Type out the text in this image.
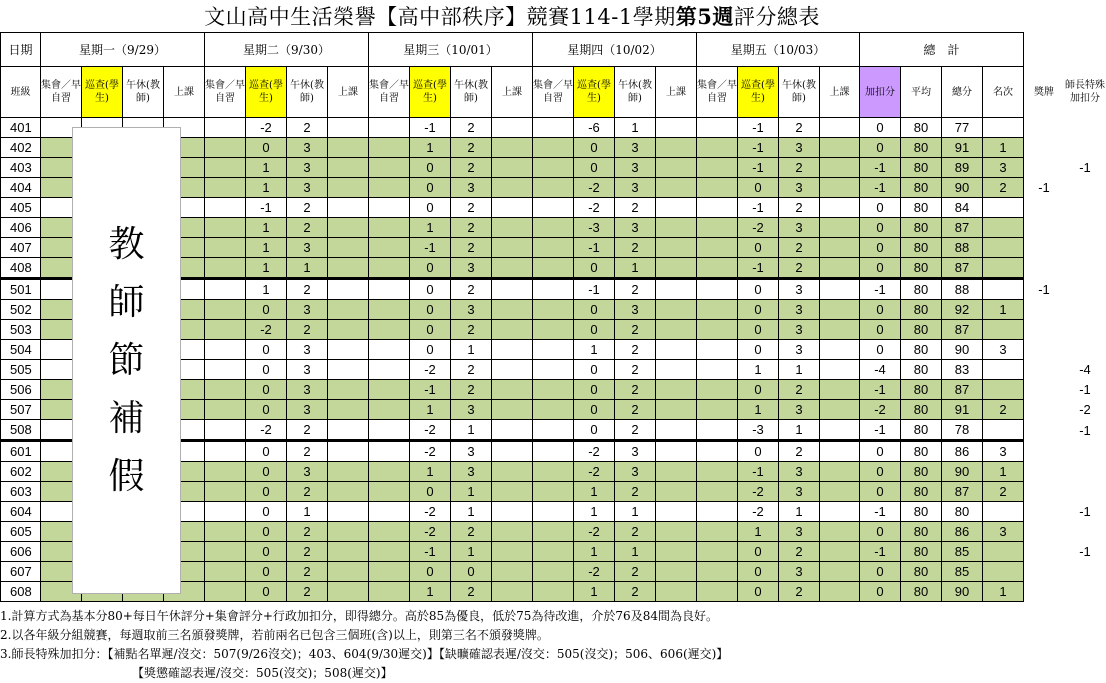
文山高中生活榮譽【高中部秩序】競賽114-1學期 第5週 評分總表
日期	星期一（9/29）				星期二（9/30）				星期三（10/01）				星期四（10/02）				星期五（10/03）				總　計					
班級	集會／早自習	巡查(學生)	午休(教師)	上課	集會／早自習	巡查(學生)	午休(教師)	上課	集會／早自習	巡查(學生)	午休(教師)	上課	集會／早自習	巡查(學生)	午休(教師)	上課	集會／早自習	巡查(學生)	午休(教師)	上課	加扣分	平均	總分	名次	獎牌	師長特殊加扣分
401						-2	2			-1	2			-6	1			-1	2		0	80	77			
402						0	3			1	2			0	3			-1	3		0	80	91	1		
403						1	3			0	2			0	3			-1	2		-1	80	89	3		-1
404						1	3			0	3			-2	3			0	3		-1	80	90	2	-1	
405						-1	2			0	2			-2	2			-1	2		0	80	84			
406						1	2			1	2			-3	3			-2	3		0	80	87			
407						1	3			-1	2			-1	2			0	2		0	80	88			
408						1	1			0	3			0	1			-1	2		0	80	87			
501						1	2			0	2			-1	2			0	3		-1	80	88		-1	
502						0	3			0	3			0	3			0	3		0	80	92	1		
503						-2	2			0	2			0	2			0	3		0	80	87			
504						0	3			0	1			1	2			0	3		0	80	90	3		
505						0	3			-2	2			0	2			1	1		-4	80	83			-4
506						0	3			-1	2			0	2			0	2		-1	80	87			-1
507						0	3			1	3			0	2			1	3		-2	80	91	2		-2
508						-2	2			-2	1			0	2			-3	1		-1	80	78			-1
601						0	2			-2	3			-2	3			0	2		0	80	86	3		
602						0	3			1	3			-2	3			-1	3		0	80	90	1		
603						0	2			0	1			1	2			-2	3		0	80	87	2		
604						0	1			-2	1			1	1			-2	1		-1	80	80			-1
605						0	2			-2	2			-2	2			1	3		0	80	86	3		
606						0	2			-1	1			1	1			0	2		-1	80	85			-1
607						0	2			0	0			-2	2			0	3		0	80	85			
608						0	2			1	2			1	2			0	2		0	80	90	1		
教
師
節
補
假
1.計算方式為基本分80+每日午休評分+集會評分+行政加扣分，即得總分。高於85為優良，低於75為待改進，介於76及84間為良好。
2.以各年級分組競賽，每週取前三名頒發獎牌，若前兩名已包含三個班(含)以上，則第三名不頒發獎牌。
3.師長特殊加扣分：【補點名單遲/沒交：507(9/26沒交)；403、604(9/30遲交)】【缺曠確認表遲/沒交：505(沒交)；506、606(遲交)】
【獎懲確認表遲/沒交：505(沒交)；508(遲交)】
